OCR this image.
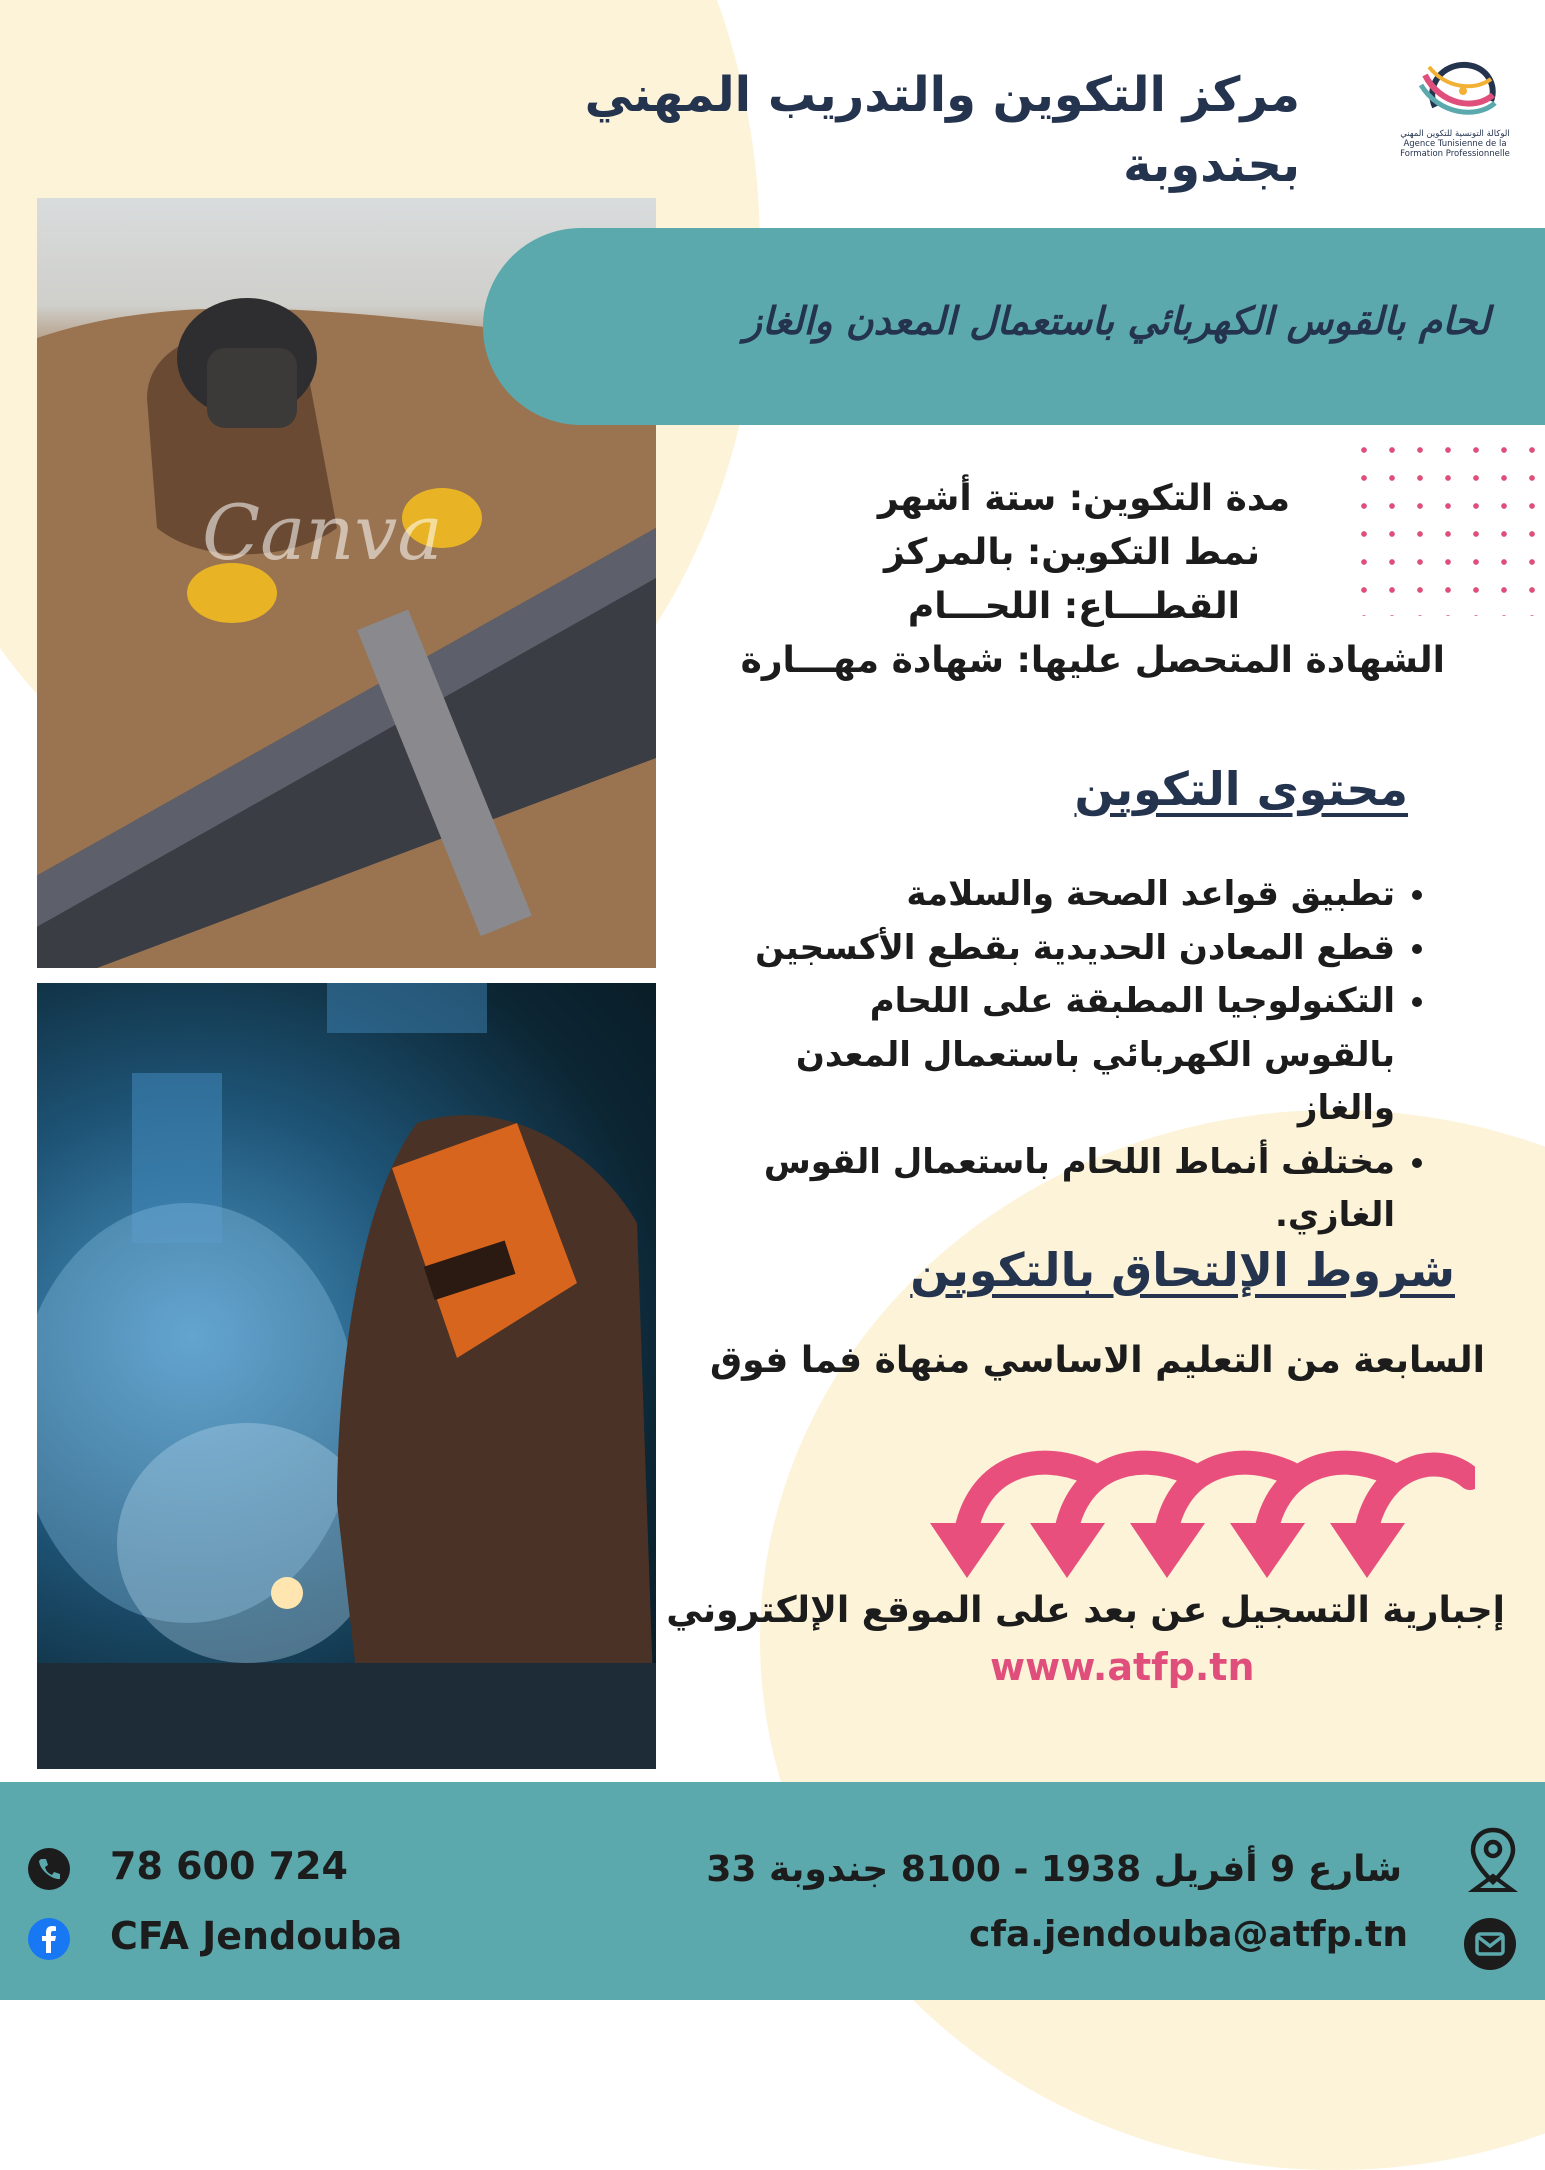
مركز التكوين والتدريب المهني بجندوبة
الوكالة التونسية للتكوين المهني Agence Tunisienne de la Formation Professionnelle
Canva
لحام بالقوس الكهربائي باستعمال المعدن والغاز
مدة التكوين: ستة أشهر
نمط التكوين: بالمركز
القطـــاع: اللحـــام
الشهادة المتحصل عليها: شهادة مهـــارة
محتوى التكوين
• تطبيق قواعد الصحة والسلامة
• قطع المعادن الحديدية بقطع الأكسجين
• التكنولوجيا المطبقة على اللحام بالقوس الكهربائي باستعمال المعدن والغاز
• مختلف أنماط اللحام باستعمال القوس الغازي.
شروط الإلتحاق بالتكوين
السابعة من التعليم الاساسي منهاة فما فوق
إجبارية التسجيل عن بعد على الموقع الإلكتروني
www.atfp.tn
78 600 724
CFA Jendouba
33 شارع 9 أفريل 1938 - 8100 جندوبة
cfa.jendouba@atfp.tn
